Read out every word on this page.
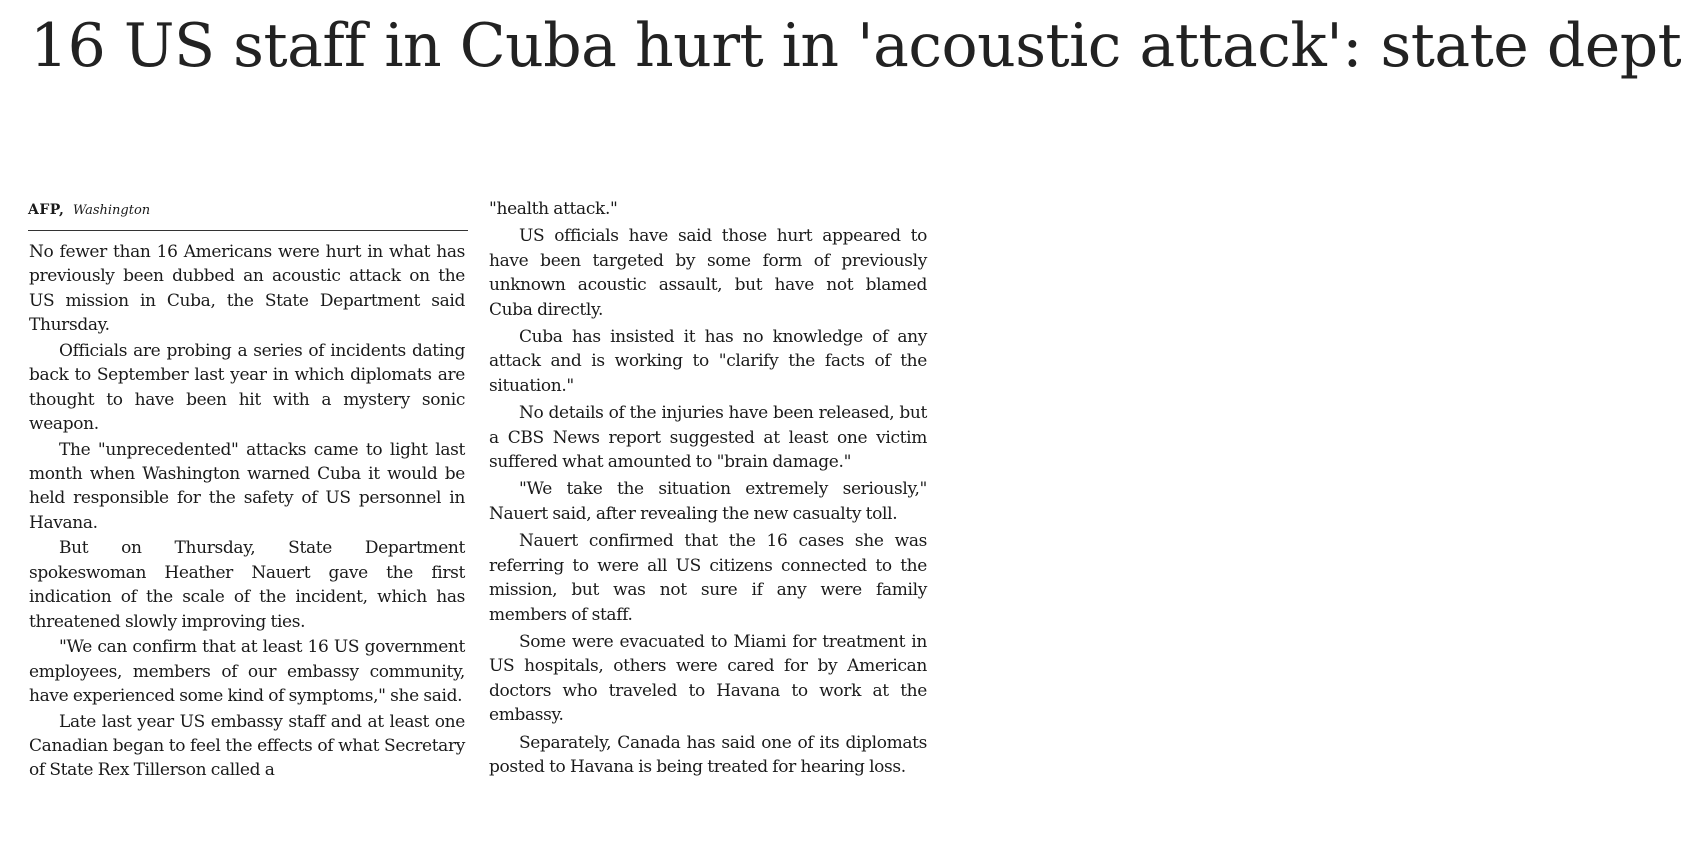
16 US staff in Cuba hurt in 'acoustic attack': state dept
AFP, Washington

No fewer than 16 Americans were hurt in what has previously been dubbed an acoustic attack on the US mission in Cuba, the State Department said Thursday.

Officials are probing a series of incidents dating back to September last year in which diplomats are thought to have been hit with a mystery sonic weapon.

The "unprecedented" attacks came to light last month when Washington warned Cuba it would be held responsible for the safety of US personnel in Havana.

But on Thursday, State Department spokeswoman Heather Nauert gave the first indication of the scale of the incident, which has threatened slowly improving ties.

"We can confirm that at least 16 US government employees, members of our embassy community, have experienced some kind of symptoms," she said.

Late last year US embassy staff and at least one Canadian began to feel the effects of what Secretary of State Rex Tillerson called a

"health attack."

US officials have said those hurt appeared to have been targeted by some form of previously unknown acoustic assault, but have not blamed Cuba directly.

Cuba has insisted it has no knowledge of any attack and is working to "clarify the facts of the situation."

No details of the injuries have been released, but a CBS News report suggested at least one victim suffered what amounted to "brain damage."

"We take the situation extremely seriously," Nauert said, after revealing the new casualty toll.

Nauert confirmed that the 16 cases she was referring to were all US citizens connected to the mission, but was not sure if any were family members of staff.

Some were evacuated to Miami for treatment in US hospitals, others were cared for by American doctors who traveled to Havana to work at the embassy.

Separately, Canada has said one of its diplomats posted to Havana is being treated for hearing loss.
